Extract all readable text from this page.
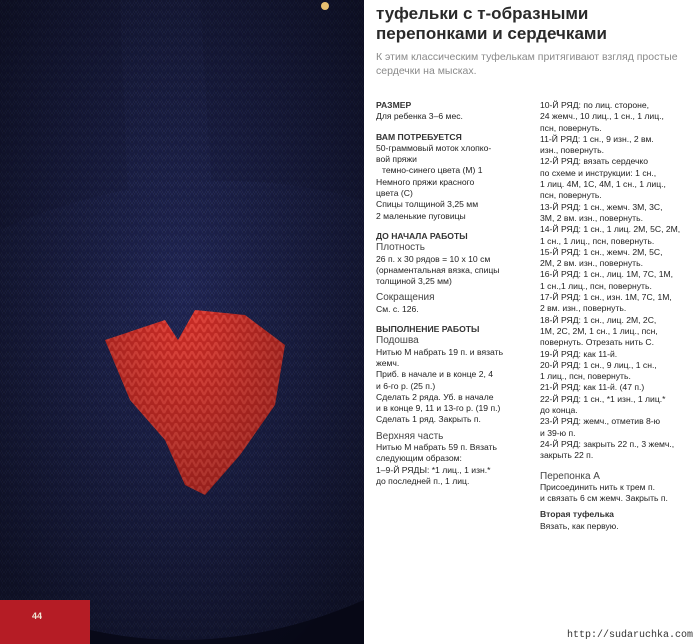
44
туфельки с т-образными перепонками и сердечками
К этим классическим туфелькам притягивают взгляд простые сердечки на мысках.

РАЗМЕР

Для ребенка 3–6 мес.

ВАМ ПОТРЕБУЕТСЯ

50-граммовый моток хлопко-

вой пряжи

темно-синего цвета (М) 1

Немного пряжи красного

цвета (С)

Спицы толщиной 3,25 мм

2 маленькие пуговицы

ДО НАЧАЛА РАБОТЫ

Плотность

26 п. х 30 рядов = 10 х 10 см

(орнаментальная вязка, спицы

толщиной 3,25 мм)

Сокращения

См. с. 126.

ВЫПОЛНЕНИЕ РАБОТЫ

Подошва

Нитью М набрать 19 п. и вязать

жемч.

Приб. в начале и в конце 2, 4

и 6-го р. (25 п.)

Сделать 2 ряда. Уб. в начале

и в конце 9, 11 и 13-го р. (19 п.)

Сделать 1 ряд. Закрыть п.

Верхняя часть

Нитью М набрать 59 п. Вязать

следующим образом:

1–9-Й РЯДЫ: *1 лиц., 1 изн.*

до последней п., 1 лиц.

10-Й РЯД: по лиц. стороне,

24 жемч., 10 лиц., 1 сн., 1 лиц.,

псн, повернуть.

11-Й РЯД: 1 сн., 9 изн., 2 вм.

изн., повернуть.

12-Й РЯД: вязать сердечко

по схеме и инструкции: 1 сн.,

1 лиц. 4М, 1С, 4М, 1 сн., 1 лиц.,

псн, повернуть.

13-Й РЯД: 1 сн., жемч. 3М, 3С,

3М, 2 вм. изн., повернуть.

14-Й РЯД: 1 сн., 1 лиц. 2М, 5С, 2М,

1 сн., 1 лиц., псн, повернуть.

15-Й РЯД: 1 сн., жемч. 2М, 5С,

2М, 2 вм. изн., повернуть.

16-Й РЯД: 1 сн., лиц. 1М, 7С, 1М,

1 сн.,1 лиц., псн, повернуть.

17-Й РЯД: 1 сн., изн. 1М, 7С, 1М,

2 вм. изн., повернуть.

18-Й РЯД: 1 сн., лиц. 2М, 2С,

1М, 2С, 2М, 1 сн., 1 лиц., псн,

повернуть. Отрезать нить С.

19-Й РЯД: как 11-й.

20-Й РЯД: 1 сн., 9 лиц., 1 сн.,

1 лиц., псн, повернуть.

21-Й РЯД: как 11-й. (47 п.)

22-Й РЯД: 1 сн., *1 изн., 1 лиц.*

до конца.

23-Й РЯД: жемч., отметив 8-ю

и 39-ю п.

24-Й РЯД: закрыть 22 п., 3 жемч.,

закрыть 22 п.

Перепонка А

Присоединить нить к трем п.

и связать 6 см жемч. Закрыть п.

Вторая туфелька

Вязать, как первую.

http://sudaruchka.com
